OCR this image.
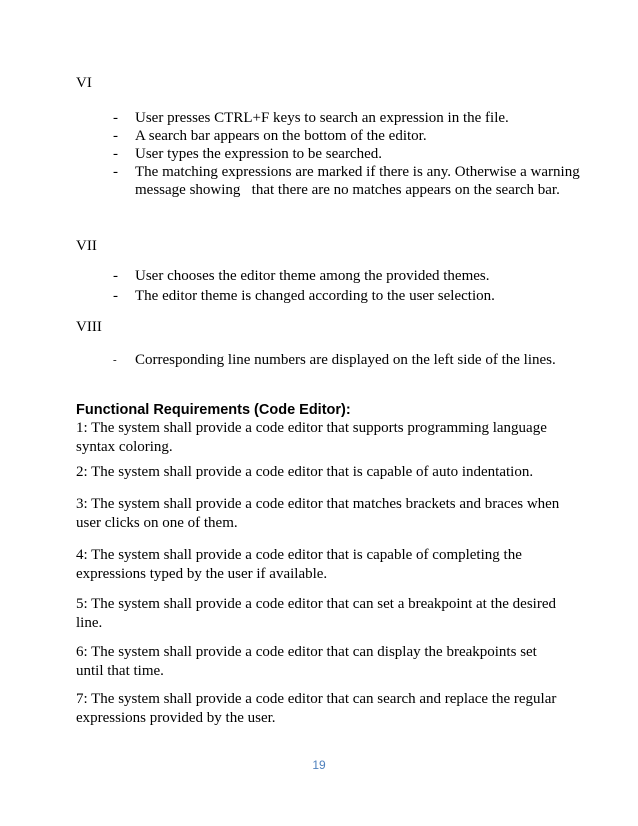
VI
-	User presses CTRL+F keys to search an expression in the file.
-	A search bar appears on the bottom of the editor.
-	User types the expression to be searched.
-	The matching expressions are marked if there is any. Otherwise a warning message showing   that there are no matches appears on the search bar.
VII
-	User chooses the editor theme among the provided themes.
-	The editor theme is changed according to the user selection.
VIII
-	Corresponding line numbers are displayed on the left side of the lines.
Functional Requirements (Code Editor):
1: The system shall provide a code editor that supports programming language syntax coloring.
2: The system shall provide a code editor that is capable of auto indentation.
3: The system shall provide a code editor that matches brackets and braces when user clicks on one of them.
4: The system shall provide a code editor that is capable of completing the expressions typed by the user if available.
5: The system shall provide a code editor that can set a breakpoint at the desired line.
6: The system shall provide a code editor that can display the breakpoints set until that time.
7: The system shall provide a code editor that can search and replace the regular expressions provided by the user.
19
